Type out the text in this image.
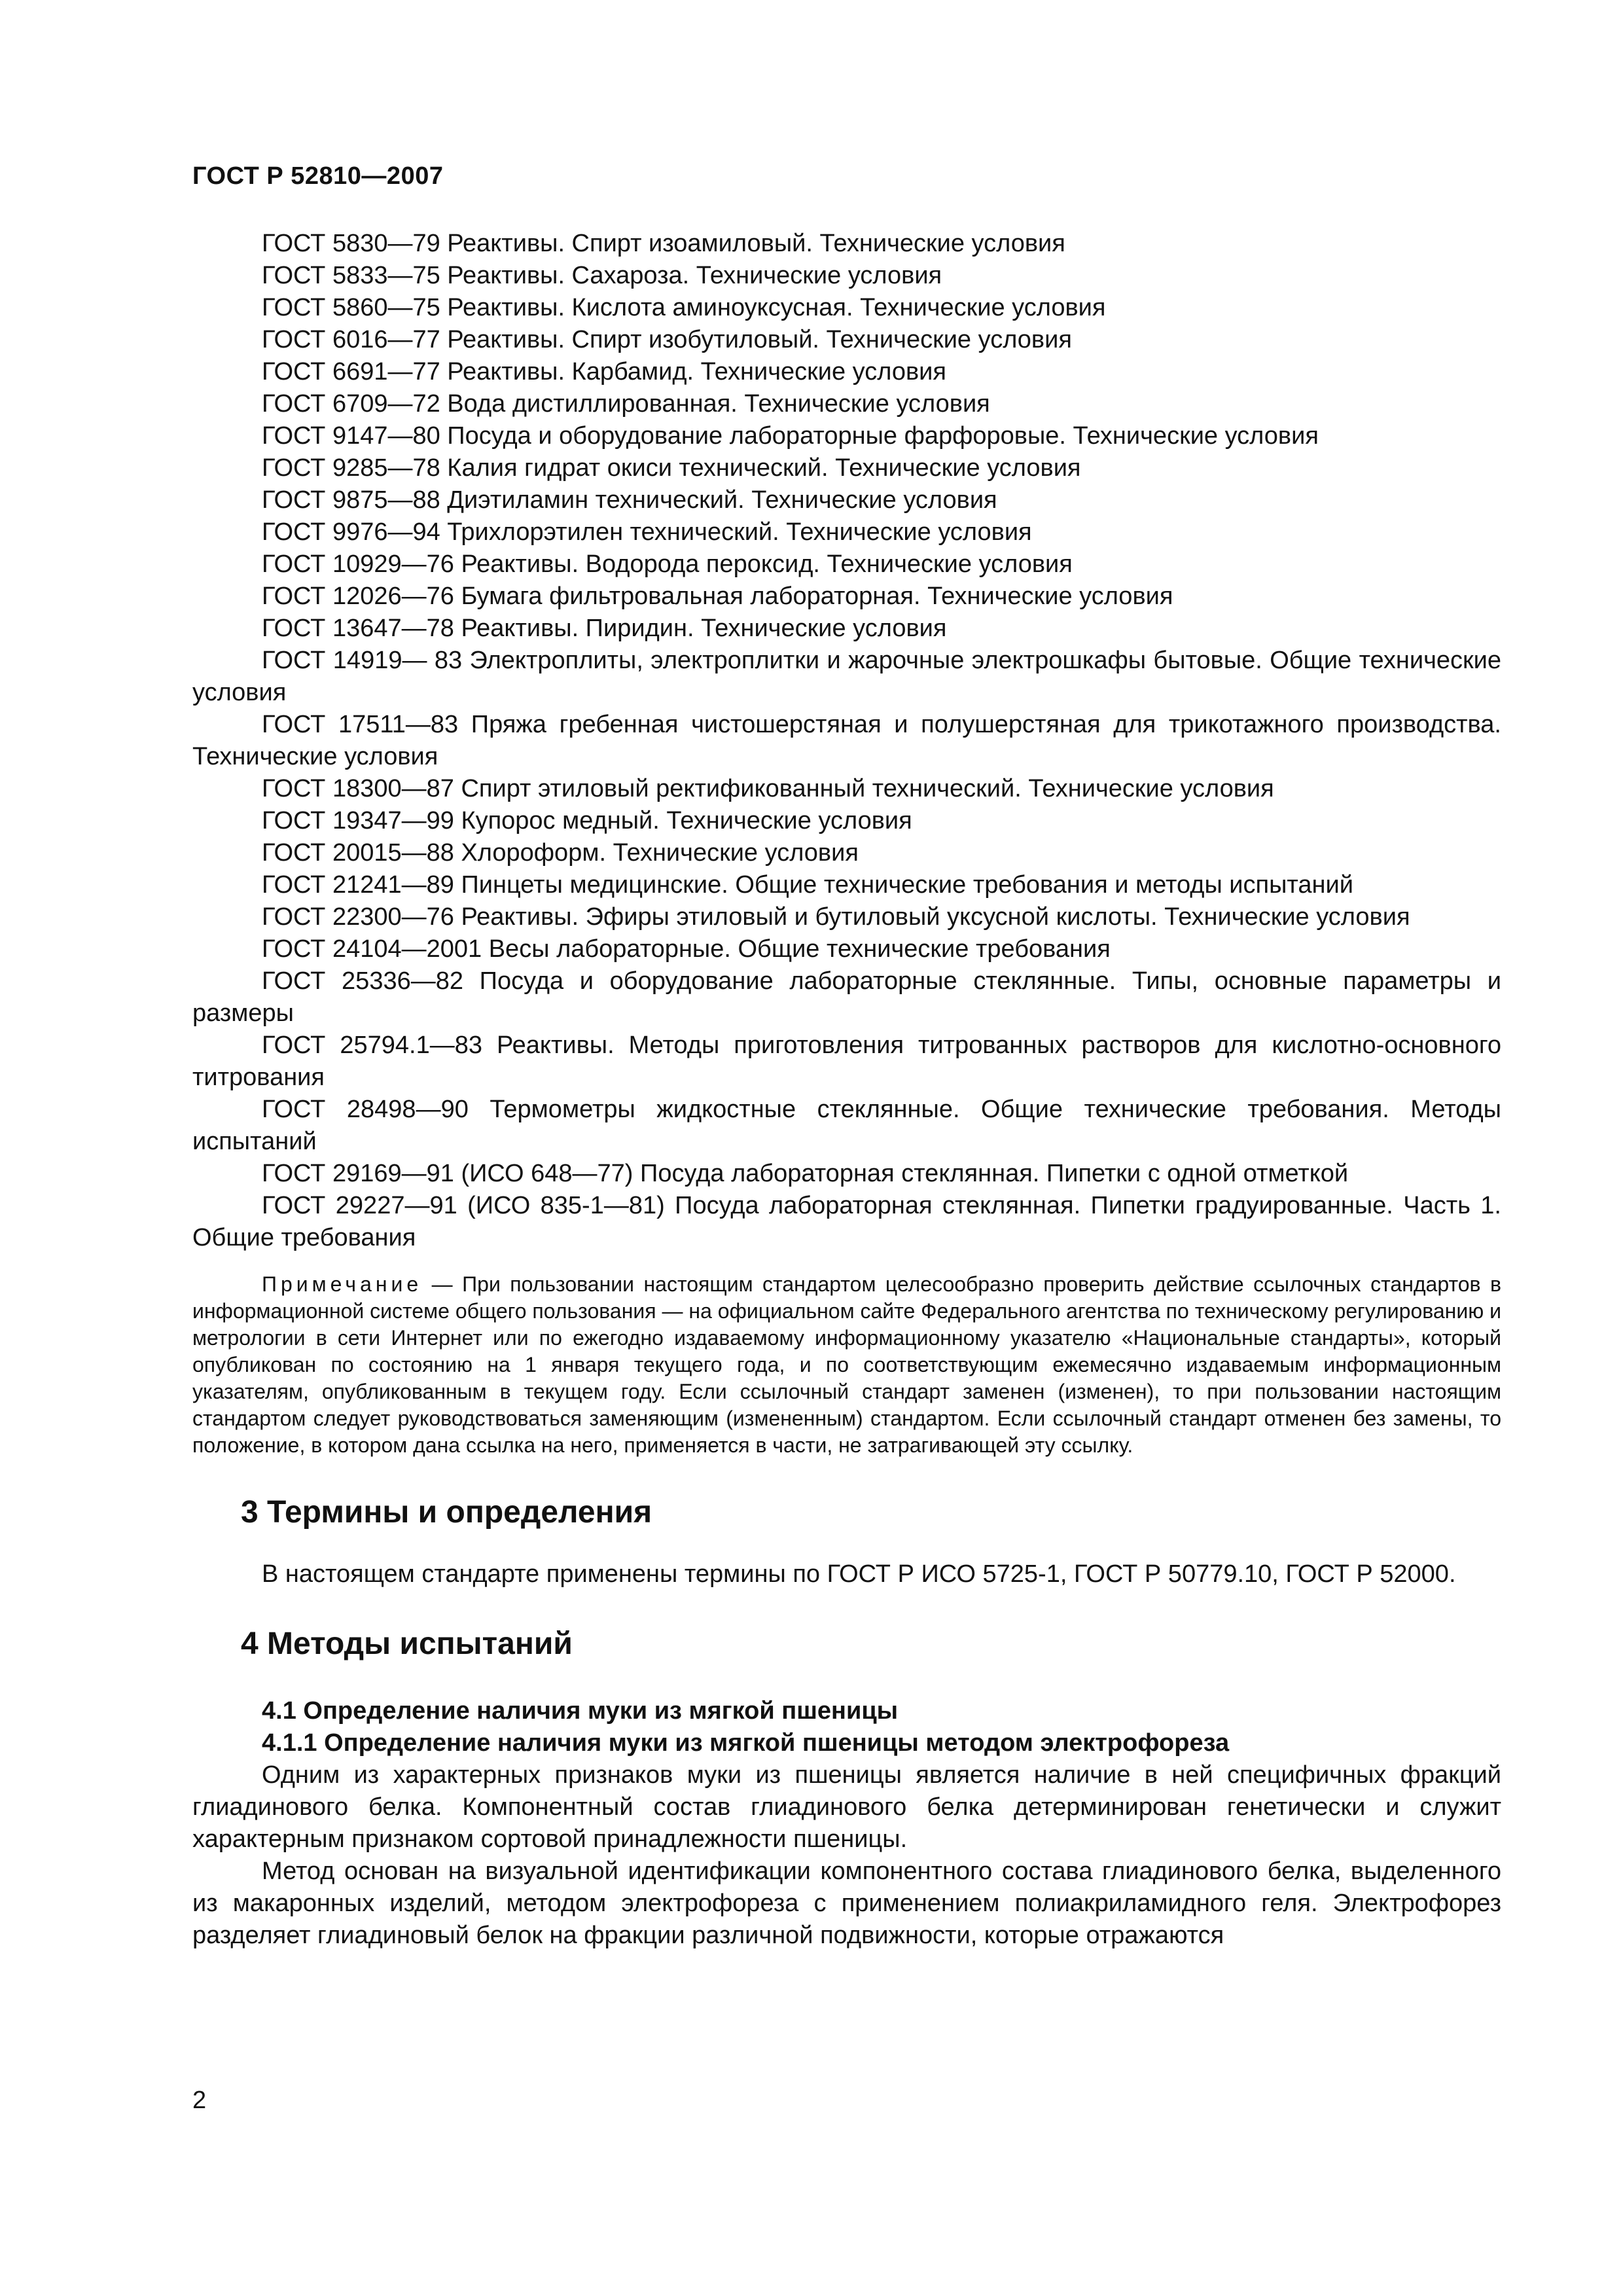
ГОСТ Р 52810—2007

ГОСТ 5830—79 Реактивы. Спирт изоамиловый. Технические условия

ГОСТ 5833—75 Реактивы. Сахароза. Технические условия

ГОСТ 5860—75 Реактивы. Кислота аминоуксусная. Технические условия

ГОСТ 6016—77 Реактивы. Спирт изобутиловый. Технические условия

ГОСТ 6691—77 Реактивы. Карбамид. Технические условия

ГОСТ 6709—72 Вода дистиллированная. Технические условия

ГОСТ 9147—80 Посуда и оборудование лабораторные фарфоровые. Технические условия

ГОСТ 9285—78 Калия гидрат окиси технический. Технические условия

ГОСТ 9875—88 Диэтиламин технический. Технические условия

ГОСТ 9976—94 Трихлорэтилен технический. Технические условия

ГОСТ 10929—76 Реактивы. Водорода пероксид. Технические условия

ГОСТ 12026—76 Бумага фильтровальная лабораторная. Технические условия

ГОСТ 13647—78 Реактивы. Пиридин. Технические условия

ГОСТ 14919— 83 Электроплиты, электроплитки и жарочные электрошкафы бытовые. Общие технические условия

ГОСТ 17511—83 Пряжа гребенная чистошерстяная и полушерстяная для трикотажного производства. Технические условия

ГОСТ 18300—87 Спирт этиловый ректификованный технический. Технические условия

ГОСТ 19347—99 Купорос медный. Технические условия

ГОСТ 20015—88 Хлороформ. Технические условия

ГОСТ 21241—89 Пинцеты медицинские. Общие технические требования и методы испытаний

ГОСТ 22300—76 Реактивы. Эфиры этиловый и бутиловый уксусной кислоты. Технические условия

ГОСТ 24104—2001 Весы лабораторные. Общие технические требования

ГОСТ 25336—82 Посуда и оборудование лабораторные стеклянные. Типы, основные параметры и размеры

ГОСТ 25794.1—83 Реактивы. Методы приготовления титрованных растворов для кислотно-основного титрования

ГОСТ 28498—90 Термометры жидкостные стеклянные. Общие технические требования. Методы испытаний

ГОСТ 29169—91 (ИСО 648—77) Посуда лабораторная стеклянная. Пипетки с одной отметкой

ГОСТ 29227—91 (ИСО 835-1—81) Посуда лабораторная стеклянная. Пипетки градуированные. Часть 1. Общие требования

Примечание — При пользовании настоящим стандартом целесообразно проверить действие ссылочных стандартов в информационной системе общего пользования — на официальном сайте Федерального агентства по техническому регулированию и метрологии в сети Интернет или по ежегодно издаваемому информационному указателю «Национальные стандарты», который опубликован по состоянию на 1 января текущего года, и по соответствующим ежемесячно издаваемым информационным указателям, опубликованным в текущем году. Если ссылочный стандарт заменен (изменен), то при пользовании настоящим стандартом следует руководствоваться заменяющим (измененным) стандартом. Если ссылочный стандарт отменен без замены, то положение, в котором дана ссылка на него, применяется в части, не затрагивающей эту ссылку.

3 Термины и определения

В настоящем стандарте применены термины по ГОСТ Р ИСО 5725-1, ГОСТ Р 50779.10, ГОСТ Р 52000.

4 Методы испытаний

4.1 Определение наличия муки из мягкой пшеницы

4.1.1 Определение наличия муки из мягкой пшеницы методом электрофореза

Одним из характерных признаков муки из пшеницы является наличие в ней специфичных фракций глиадинового белка. Компонентный состав глиадинового белка детерминирован генетически и служит характерным признаком сортовой принадлежности пшеницы.

Метод основан на визуальной идентификации компонентного состава глиадинового белка, выделенного из макаронных изделий, методом электрофореза с применением полиакриламидного геля. Электрофорез разделяет глиадиновый белок на фракции различной подвижности, которые отражаются

2
